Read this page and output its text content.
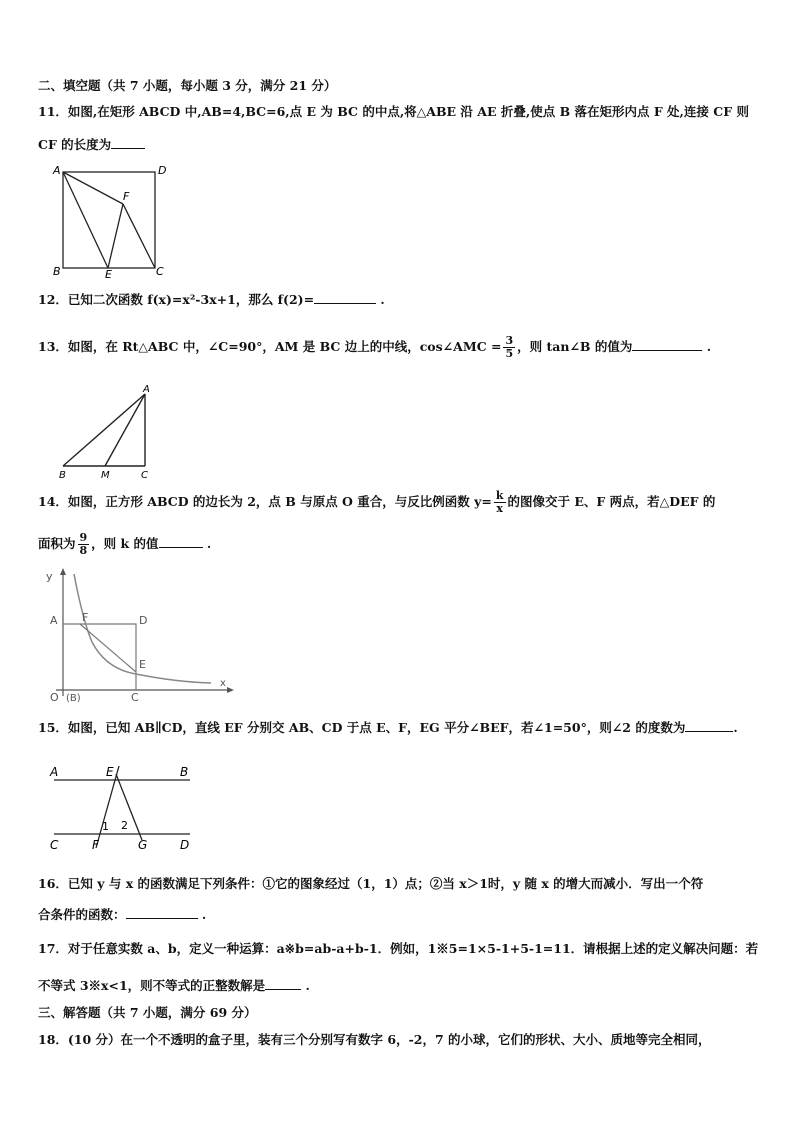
二、填空题（共 7 小题，每小题 3 分，满分 21 分）
11．如图,在矩形 ABCD 中,AB=4,BC=6,点 E 为 BC 的中点,将△ABE 沿 AE 折叠,使点 B 落在矩形内点 F 处,连接 CF 则
CF 的长度为
A	D
F
B	E	C
12．已知二次函数 f(x)=x²-3x+1，那么 f(2)=	.
13．如图，在 Rt△ABC 中，∠C=90°，AM 是 BC 边上的中线，cos∠AMC = $\frac{3}{5}$ ，则 tan∠B 的值为	.
A
B	M	C
14．如图，正方形 ABCD 的边长为 2，点 B 与原点 O 重合，与反比例函数 $y= \frac{k}{x}$ 的图像交于 E、F 两点，若△DEF 的
面积为 $\frac{9}{8}$ ，则 k 的值	.
y
A F	D
E
O (B)	C
x
15．如图，已知 AB∥CD，直线 EF 分别交 AB、CD 于点 E、F，EG 平分∠BEF，若∠1=50°，则∠2 的度数为	.
A	E	B
1 2
C	F	G	D
16．已知 y 与 x 的函数满足下列条件：①它的图象经过（1，1）点；②当 x＞1时，y 随 x 的增大而减小．写出一个符
合条件的函数：	.
17．对于任意实数 a、b，定义一种运算：a※b=ab-a+b-1．例如，1※5=1×5-1+5-1=11．请根据上述的定义解决问题：若
不等式 3※x<1，则不等式的正整数解是	.
三、解答题（共 7 小题，满分 69 分）
18．(10 分）在一个不透明的盒子里，装有三个分别写有数字 6，-2，7 的小球，它们的形状、大小、质地等完全相同，
